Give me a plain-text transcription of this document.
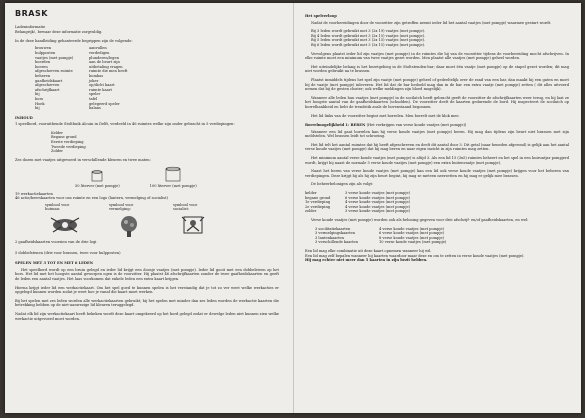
BRASK
Ladeninformatie
Belangrijk!, bewaar deze informatie zorgvuldig.

In de deze handleiding gehanteerde begrippen zijn de volgende:
brouwen	aanvullen
hulpposten	verdedigen
vaatjes (met pompje)	plunderen/legen
boerden	aan de beurt zijn
boeren	uitbetaling vragen
afgescherven ruimte	ruimte die men heeft
beheren	bombas
gaafheidskaart	joker
afgescherven	op/dicht kaart
afschrijfkaart	ruimte kaart
bij	speler
boro	tafel
Hoek	gelegeerd speler
bij	balans
INHOUD

1 speelbord, vooruitbende Stoltbuik Alcuin in Delft, verdeeld in 46 ruimtes welke zijn onder gebracht in 5 verdiepingen:

Kelder
Begane grond
Eerste verdieping
Tweede verdieping
Zolder

Zes dozen met vaatjes uitgevoerd in verschillende kleuren en twee maten:

50 literver (met pompje)	100 literver (met pompje)
19 werkactiekaarten
46 actie/heerskaarten voor ons ruimte en een logo (lantern, vermelging of socialist)
symbool voor hutman:
symbool voor vermelging:
symbool voor socialist:
2 gaafheidskaarten voorzien van de drie logi
5 dobbelstenen (drie voor brassen, twee voor hulpposten)
SPELEN MET 3 TOT EN MET 6 LEDEN

Het speelbord wordt op een bruin gelegd en ieder lid krijgt een doosje vaatjes (met pompje). Ieder lid gooit met een dobbelsteen op het bors. Het lid met het hoogste aantal geworpen ogen is de voorzitter. Hij plaatst 46 afschrijfkaarten zonder de twee gaafheidskaarten en geeft de leden een aantal vaatjes. Het laas voorkomen dat enkele leden een extra kaart krijgen.

Hierna krijgt ieder lid een werkactiekaart. Om het spel goed te kunnen spelen is het verstandig dat je tot zo ver weet welke werkacties er opgelegd kunnen worden zodat je weet hoe je vanaf die kaart moet werken.

Bij het spelen met zes leden worden alle werkactiekaarten gebruikt; bij het spelen met minder dan zes leden worden de werkactie kaarten die betrekking hebben op de niet-aanwezige lid kleuren teruggelegd.

Nadat elk lid zijn werkactiekaart heeft bekeken wordt deze kaart omgekeerd op het bord gelegd zodat er dewelge leden niet kunnen zien welke werkactie uitgevoerd moet worden.

Het spelverloop

Nadat de voorbereidingen door de voorzitter zijn getroffen neemt ieder lid het aantal vaatjes (met pompje) waarmee gestart wordt.

Bij 3 leden wordt gebruikt met 3 (2x 19) vaatjes (met pompje).
Bij 4 leden wordt gebruikt met 3 (2x 15) vaatjes (met pompje).
Bij 5 leden wordt gebruikt met 3 (2x 15) vaatjes (met pompje).
Bij 6 leden wordt gebruikt met 3 (2x 15) vaatjes (met pompje).

Vervolgens plaatst ieder lid zijn vaatjes (met pompje) in de ruimtes die hij van de voorzitter tijdens de voorbereiding mocht afschrijven. In elke ruimte moet een minimum van twee vaatjes gezet worden. Men plaatst alle vaatjes (met pompje) geheel worden.

Het uiteindelijke belang is het bezetgebieg in de Stoltstenden-bar; daar moet één vaatje (met pompje) op de stapel gezet worden; dit mag niet worden gebruikt na te brassen.

Plaatst inmiddels tijdens het spel zijn vaatje (met pompje) geheel of gedeeltelijk over de rand van een bar, dan maakt hij een gaten en moet hij de vaatje (met pompje) inleveren. Het lid dat de bar bedoeld mag dan in de bar een extra vaatje (met pompje) zetten ( dit alles uitvoerd nemen dat bij de gesten cluster; ook welke meldingen zijn bloed mogelijk).

Wanneer alle leden hun vaatjes (met pompje) in de socilatch heeft gebracht geeft de voorzitter de afschrijfkaarten weer terug, en hij laat ze het hoogste aantal van de gaafheidskaarten (schudden). De voorzitter deelt de kaarten gedurende de bord. Hij inspecteert de socilatch op borrelhankheid en hebt de trendstik zoals de bovenstaand begonnen.

Het lid links van de voorzitter begint met borrelen. Men borrelt met de klok mee.

Borrelmogelijkheid 1: BEREN (Het verkrijgen van verse koude vaatjes (met pompje))

Wanneer een lid gaat borrelen kan hij verse koude vaatjes (met pompje) beren. Hij mag dan tijdens zijn beurt niet brassen met zijn meldstelen. Wel brassen leidt tot schroeing.

Het lid telt het aantal ruimtes dat hij heeft afgeschreven en deelt dit aantal door 3. Dit getal (naar beneden afgerond) is gelijk aan het aantal verse koude vaatjes (met pompje) dat hij mag beren en naar eigen inzicht in zijn ruimtes mag zetten.

Het minimum aantal verse koude vaatjes (met pompje) is altijd 3. Als een lid 15 (3x5) ruimtes beheert en het spel in een huiruntjar pompjerd wordt, krijgt hij naast de normale 5 verse koude vaatjes (met pompje) een extra buitenvaatje (met pompje).

Naast het beren van verse koude vaatjes (met pompje) kan een lid ook verse koude vaatjes (met pompje) krijgen voor het beheren van verdiepingen. Deze krijgt hij als hij zijn beurt begint, hij mag ze meteen neerzetten en hij mag er gelijk mee brassen.

De beheerbelonigen zijn als volgt:

kelder	3 verse koude vaatjes (met pompje)
begane grond	6 verse koude vaatjes (met pompje)
1e verdieping	4 verse koude vaatjes (met pompje)
2e verdieping	4 verse koude vaatjes (met pompje)
zolder	3 verse koude vaatjes (met pompje)

Verse koude vaatjes (met pompje) worden ook als beloning gegeven voor drie afschrijf- en/of gaafheidskaarten, en wel:

3 socilitatiekaarten	4 verse koude vaatjes (met pompje)
3 vermelgingskaarten	6 verse koude vaatjes (met pompje)
3 lantenkaarten	8 verse koude vaatjes (met pompje)
3 verschillende kaarten	10 verse koude vaatjes (met pompje)
Een lid mag elke combinatie uit deze kaart opnemen wanneer hij wil.
Een lid mag zelf bepalen wanneer hij kaarten waardoor maar deze en om te zetten in verse koude vaatjes (met pompje).
Hij mag echter niet meer dan 5 kaarten in zijn bezit hebben.
